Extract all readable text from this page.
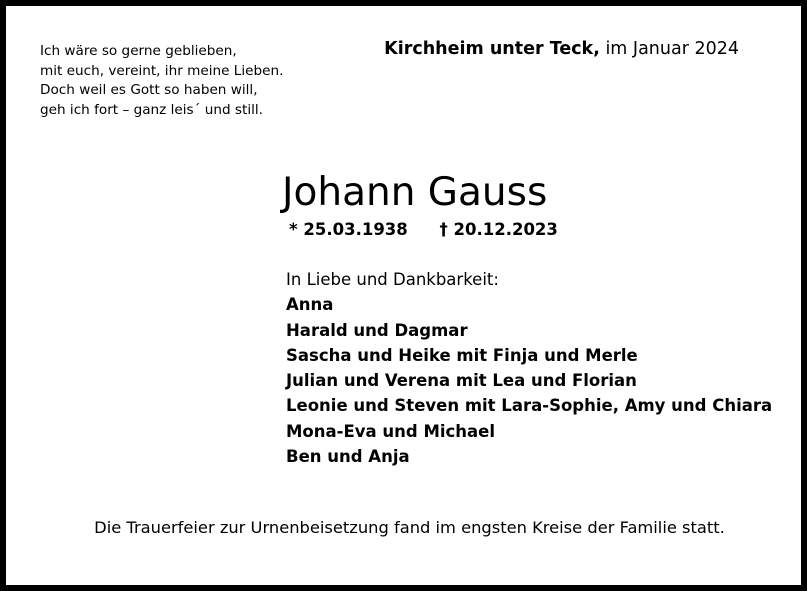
Ich wäre so gerne geblieben,
mit euch, vereint, ihr meine Lieben.
Doch weil es Gott so haben will,
geh ich fort – ganz leis´ und still.
Kirchheim unter Teck, im Januar 2024
Johann Gauss
* 25.03.1938 † 20.12.2023
In Liebe und Dankbarkeit:
Anna
Harald und Dagmar
Sascha und Heike mit Finja und Merle
Julian und Verena mit Lea und Florian
Leonie und Steven mit Lara-Sophie, Amy und Chiara
Mona-Eva und Michael
Ben und Anja
Die Trauerfeier zur Urnenbeisetzung fand im engsten Kreise der Familie statt.
